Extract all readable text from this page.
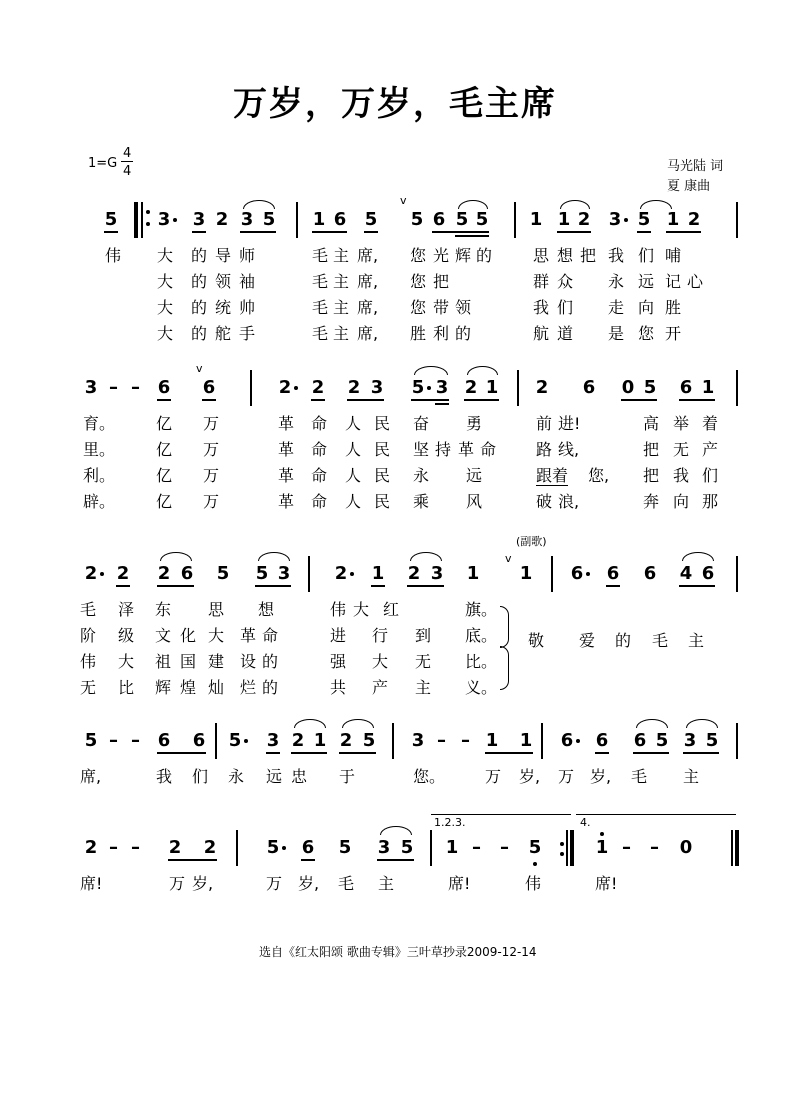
万岁，万岁，毛主席
1=G
4
4	马光陆 词
夏 康曲
5 3 3 2 3 5 1 6 5
v
5 6 5 5 1 1 2 3 5 1 2
伟 大 的 导 师	毛 主 席, 您 光 辉 的	思 想 把 我 们 哺
大 的 领 袖	毛 主 席, 您 把	群 众 永 远 记 心
大 的 统 帅	毛 主 席, 您 带 领	我 们 走 向 胜
大 的 舵 手	毛 主 席, 胜 利 的	航 道 是 您 开
3 – –
v
6 6	2 2 2 3 5 3 2 1 2 6 0 5 6 1
育。	亿 万	革 命 人 民 奋 勇	前 进!	高 举 着
里。	亿 万	革 命 人 民 坚 持 革 命 路 线,	把 无 产
利。	亿 万	革 命 人 民 永 远	跟 着 您, 把 我 们
辟。	亿 万	革 命 人 民 乘 风	破 浪,	奔 向 那
(副歌)
2 2 2 6 5 5 3 2 1 2 3 1
v
1 6 6 6 4 6
毛 泽 东 思 想	伟 大 红	旗。
阶 级 文 化 大 革 命	进 行 到 底。
伟 大 祖 国 建 设 的	强 大 无 比。
无 比 辉 煌 灿 烂 的	共 产 主 义。
敬 爱 的 毛 主
5 – – 6 6 5 3 2 1 2 5 3 – – 1 1 6 6 6 5 3 5
席,	我 们 永 远 忠 于	您。 万 岁, 万 岁, 毛 主
2 – – 2 2	5 6 5 3 5
1.2.3.
1 – – 5
4.
1 – – 0
席!	万 岁,	万 岁, 毛 主	席!	伟	席!
选自《红太阳颂 歌曲专辑》三叶草抄录2009-12-14
